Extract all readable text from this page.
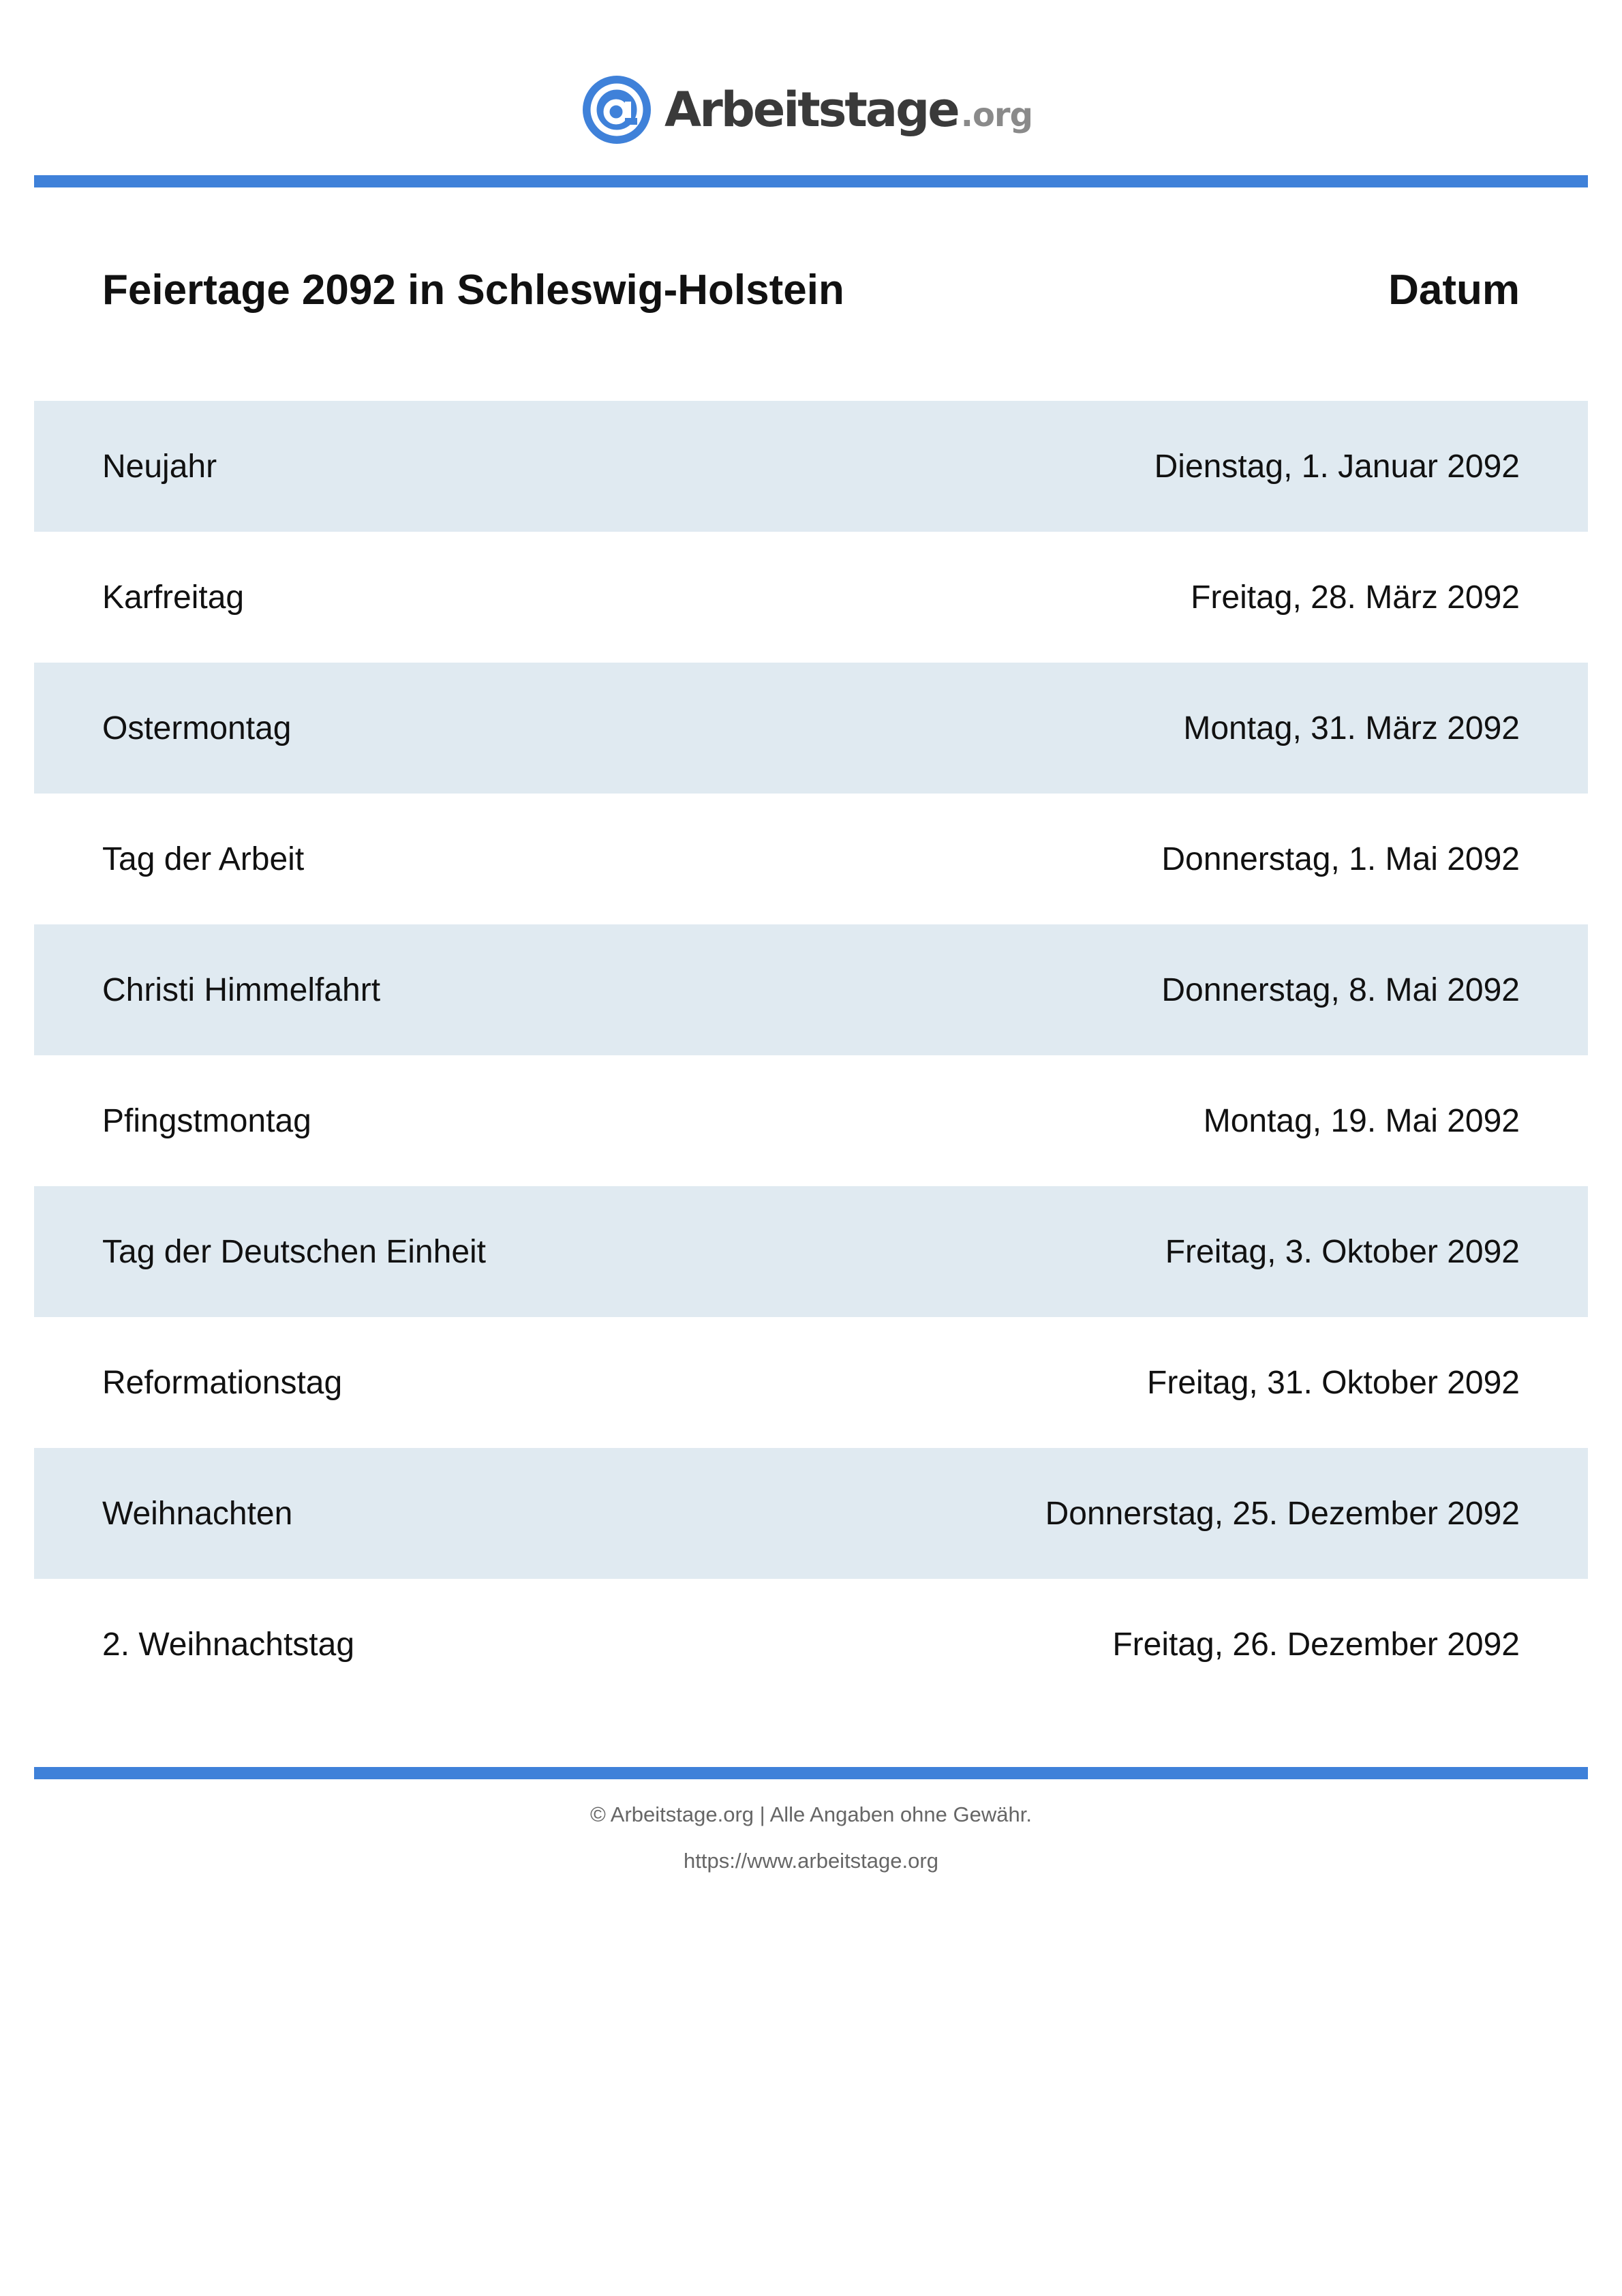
Arbeitstage .org
Feiertage 2092 in Schleswig-Holstein	Datum
Neujahr	Dienstag, 1. Januar 2092
Karfreitag	Freitag, 28. März 2092
Ostermontag	Montag, 31. März 2092
Tag der Arbeit	Donnerstag, 1. Mai 2092
Christi Himmelfahrt	Donnerstag, 8. Mai 2092
Pfingstmontag	Montag, 19. Mai 2092
Tag der Deutschen Einheit	Freitag, 3. Oktober 2092
Reformationstag	Freitag, 31. Oktober 2092
Weihnachten	Donnerstag, 25. Dezember 2092
2. Weihnachtstag	Freitag, 26. Dezember 2092
© Arbeitstage.org | Alle Angaben ohne Gewähr.
https://www.arbeitstage.org
